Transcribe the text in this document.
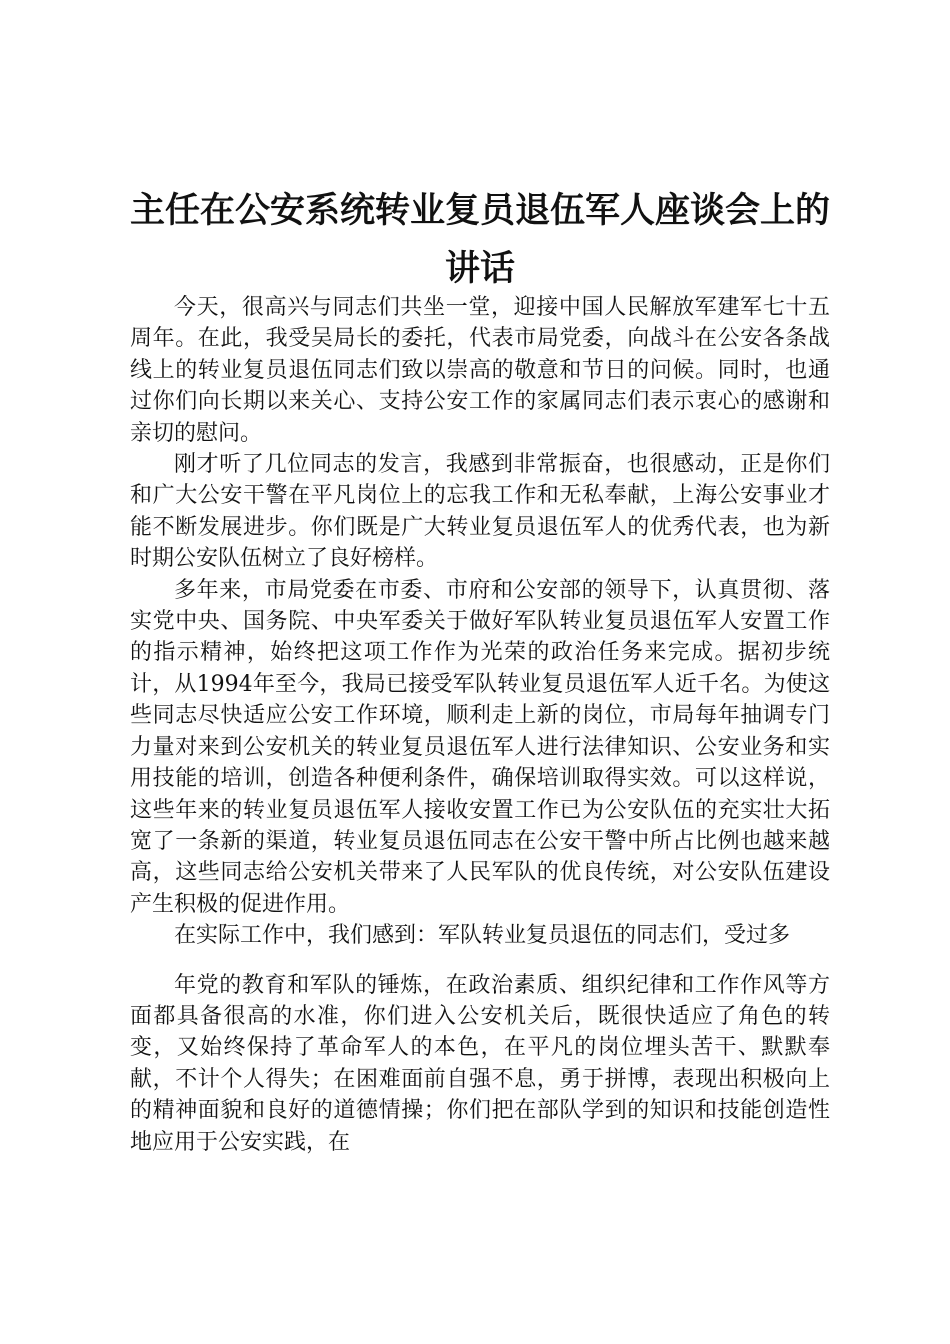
主任在公安系统转业复员退伍军人座谈会上的讲话

今天，很高兴与同志们共坐一堂，迎接中国人民解放军建军七十五周年。在此，我受吴局长的委托，代表市局党委，向战斗在公安各条战线上的转业复员退伍同志们致以崇高的敬意和节日的问候。同时，也通过你们向长期以来关心、支持公安工作的家属同志们表示衷心的感谢和亲切的慰问。

刚才听了几位同志的发言，我感到非常振奋，也很感动，正是你们和广大公安干警在平凡岗位上的忘我工作和无私奉献，上海公安事业才能不断发展进步。你们既是广大转业复员退伍军人的优秀代表，也为新时期公安队伍树立了良好榜样。

多年来，市局党委在市委、市府和公安部的领导下，认真贯彻、落实党中央、国务院、中央军委关于做好军队转业复员退伍军人安置工作的指示精神，始终把这项工作作为光荣的政治任务来完成。据初步统计，从1994年至今，我局已接受军队转业复员退伍军人近千名。为使这些同志尽快适应公安工作环境，顺利走上新的岗位，市局每年抽调专门力量对来到公安机关的转业复员退伍军人进行法律知识、公安业务和实用技能的培训，创造各种便利条件，确保培训取得实效。可以这样说，这些年来的转业复员退伍军人接收安置工作已为公安队伍的充实壮大拓宽了一条新的渠道，转业复员退伍同志在公安干警中所占比例也越来越高，这些同志给公安机关带来了人民军队的优良传统，对公安队伍建设产生积极的促进作用。

在实际工作中，我们感到：军队转业复员退伍的同志们，受过多

年党的教育和军队的锤炼，在政治素质、组织纪律和工作作风等方面都具备很高的水准，你们进入公安机关后，既很快适应了角色的转变，又始终保持了革命军人的本色，在平凡的岗位埋头苦干、默默奉献，不计个人得失；在困难面前自强不息，勇于拼博，表现出积极向上的精神面貌和良好的道德情操；你们把在部队学到的知识和技能创造性地应用于公安实践，在
